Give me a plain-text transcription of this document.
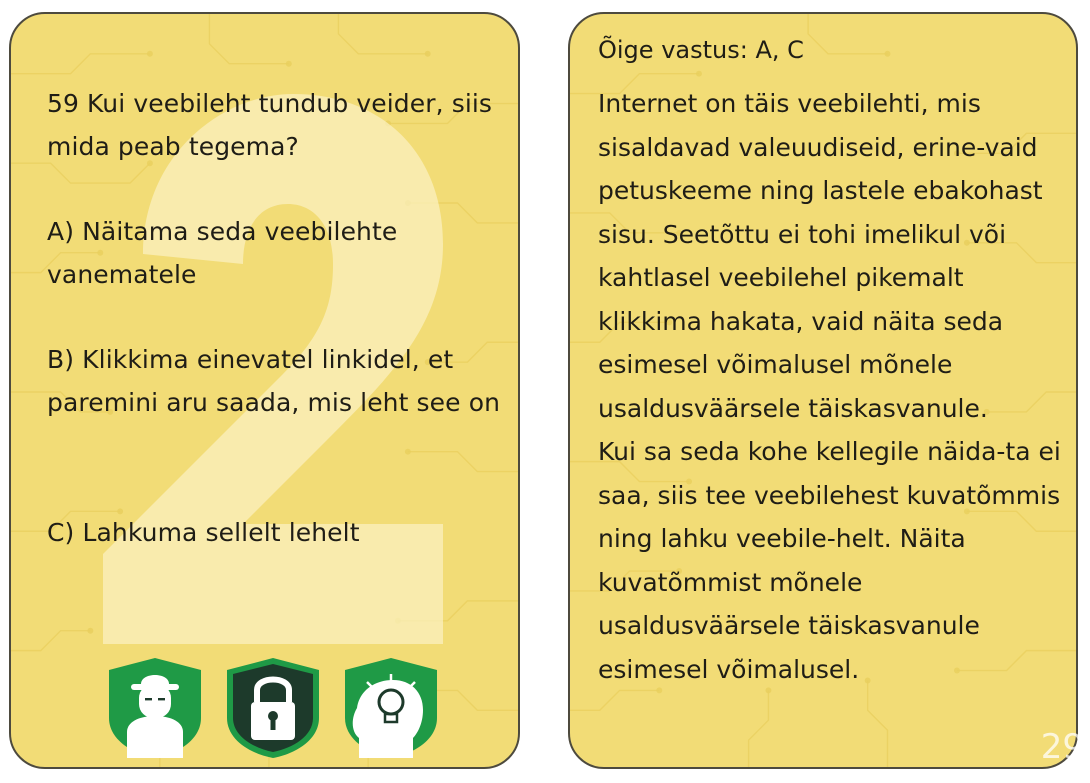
59 Kui veebileht tundub veider, siis mida peab tegema?

A) Näitama seda veebilehte vanematele

B) Klikkima einevatel linkidel, et paremini aru saada, mis leht see on

C) Lahkuma sellelt lehelt

Õige vastus: A, C

Internet on täis veebilehti, mis sisaldavad valeuudiseid, erine-vaid petuskeeme ning lastele ebakohast sisu. Seetõttu ei tohi imelikul või kahtlasel veebilehel pikemalt klikkima hakata, vaid näita seda esimesel võimalusel mõnele usaldusväärsele täiskasvanule.

Kui sa seda kohe kellegile näida-ta ei saa, siis tee veebilehest kuvatõmmis ning lahku veebile-helt. Näita kuvatõmmist mõnele usaldusväärsele täiskasvanule esimesel võimalusel.

29
